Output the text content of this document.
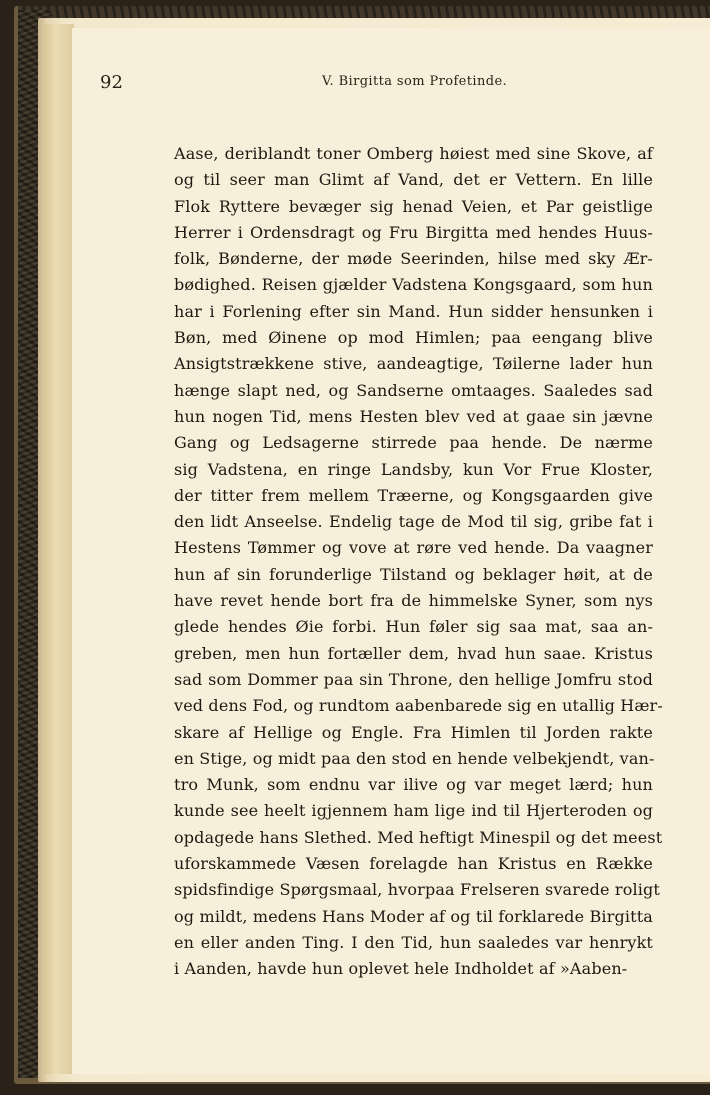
92	V. Birgitta som Profetinde.
Aase, deriblandt toner Omberg høiest med sine Skove, af
og til seer man Glimt af Vand, det er Vettern. En lille
Flok Ryttere bevæger sig henad Veien, et Par geistlige
Herrer i Ordensdragt og Fru Birgitta med hendes Huus-
folk, Bønderne, der møde Seerinden, hilse med sky Ær-
bødighed. Reisen gjælder Vadstena Kongsgaard, som hun
har i Forlening efter sin Mand. Hun sidder hensunken i
Bøn, med Øinene op mod Himlen; paa eengang blive
Ansigtstrækkene stive, aandeagtige, Tøilerne lader hun
hænge slapt ned, og Sandserne omtaages. Saaledes sad
hun nogen Tid, mens Hesten blev ved at gaae sin jævne
Gang og Ledsagerne stirrede paa hende. De nærme
sig Vadstena, en ringe Landsby, kun Vor Frue Kloster,
der titter frem mellem Træerne, og Kongsgaarden give
den lidt Anseelse. Endelig tage de Mod til sig, gribe fat i
Hestens Tømmer og vove at røre ved hende. Da vaagner
hun af sin forunderlige Tilstand og beklager høit, at de
have revet hende bort fra de himmelske Syner, som nys
glede hendes Øie forbi. Hun føler sig saa mat, saa an-
greben, men hun fortæller dem, hvad hun saae. Kristus
sad som Dommer paa sin Throne, den hellige Jomfru stod
ved dens Fod, og rundtom aabenbarede sig en utallig Hær-
skare af Hellige og Engle. Fra Himlen til Jorden rakte
en Stige, og midt paa den stod en hende velbekjendt, van-
tro Munk, som endnu var ilive og var meget lærd; hun
kunde see heelt igjennem ham lige ind til Hjerteroden og
opdagede hans Slethed. Med heftigt Minespil og det meest
uforskammede Væsen forelagde han Kristus en Række
spidsfindige Spørgsmaal, hvorpaa Frelseren svarede roligt
og mildt, medens Hans Moder af og til forklarede Birgitta
en eller anden Ting. I den Tid, hun saaledes var henrykt
i Aanden, havde hun oplevet hele Indholdet af »Aaben-
